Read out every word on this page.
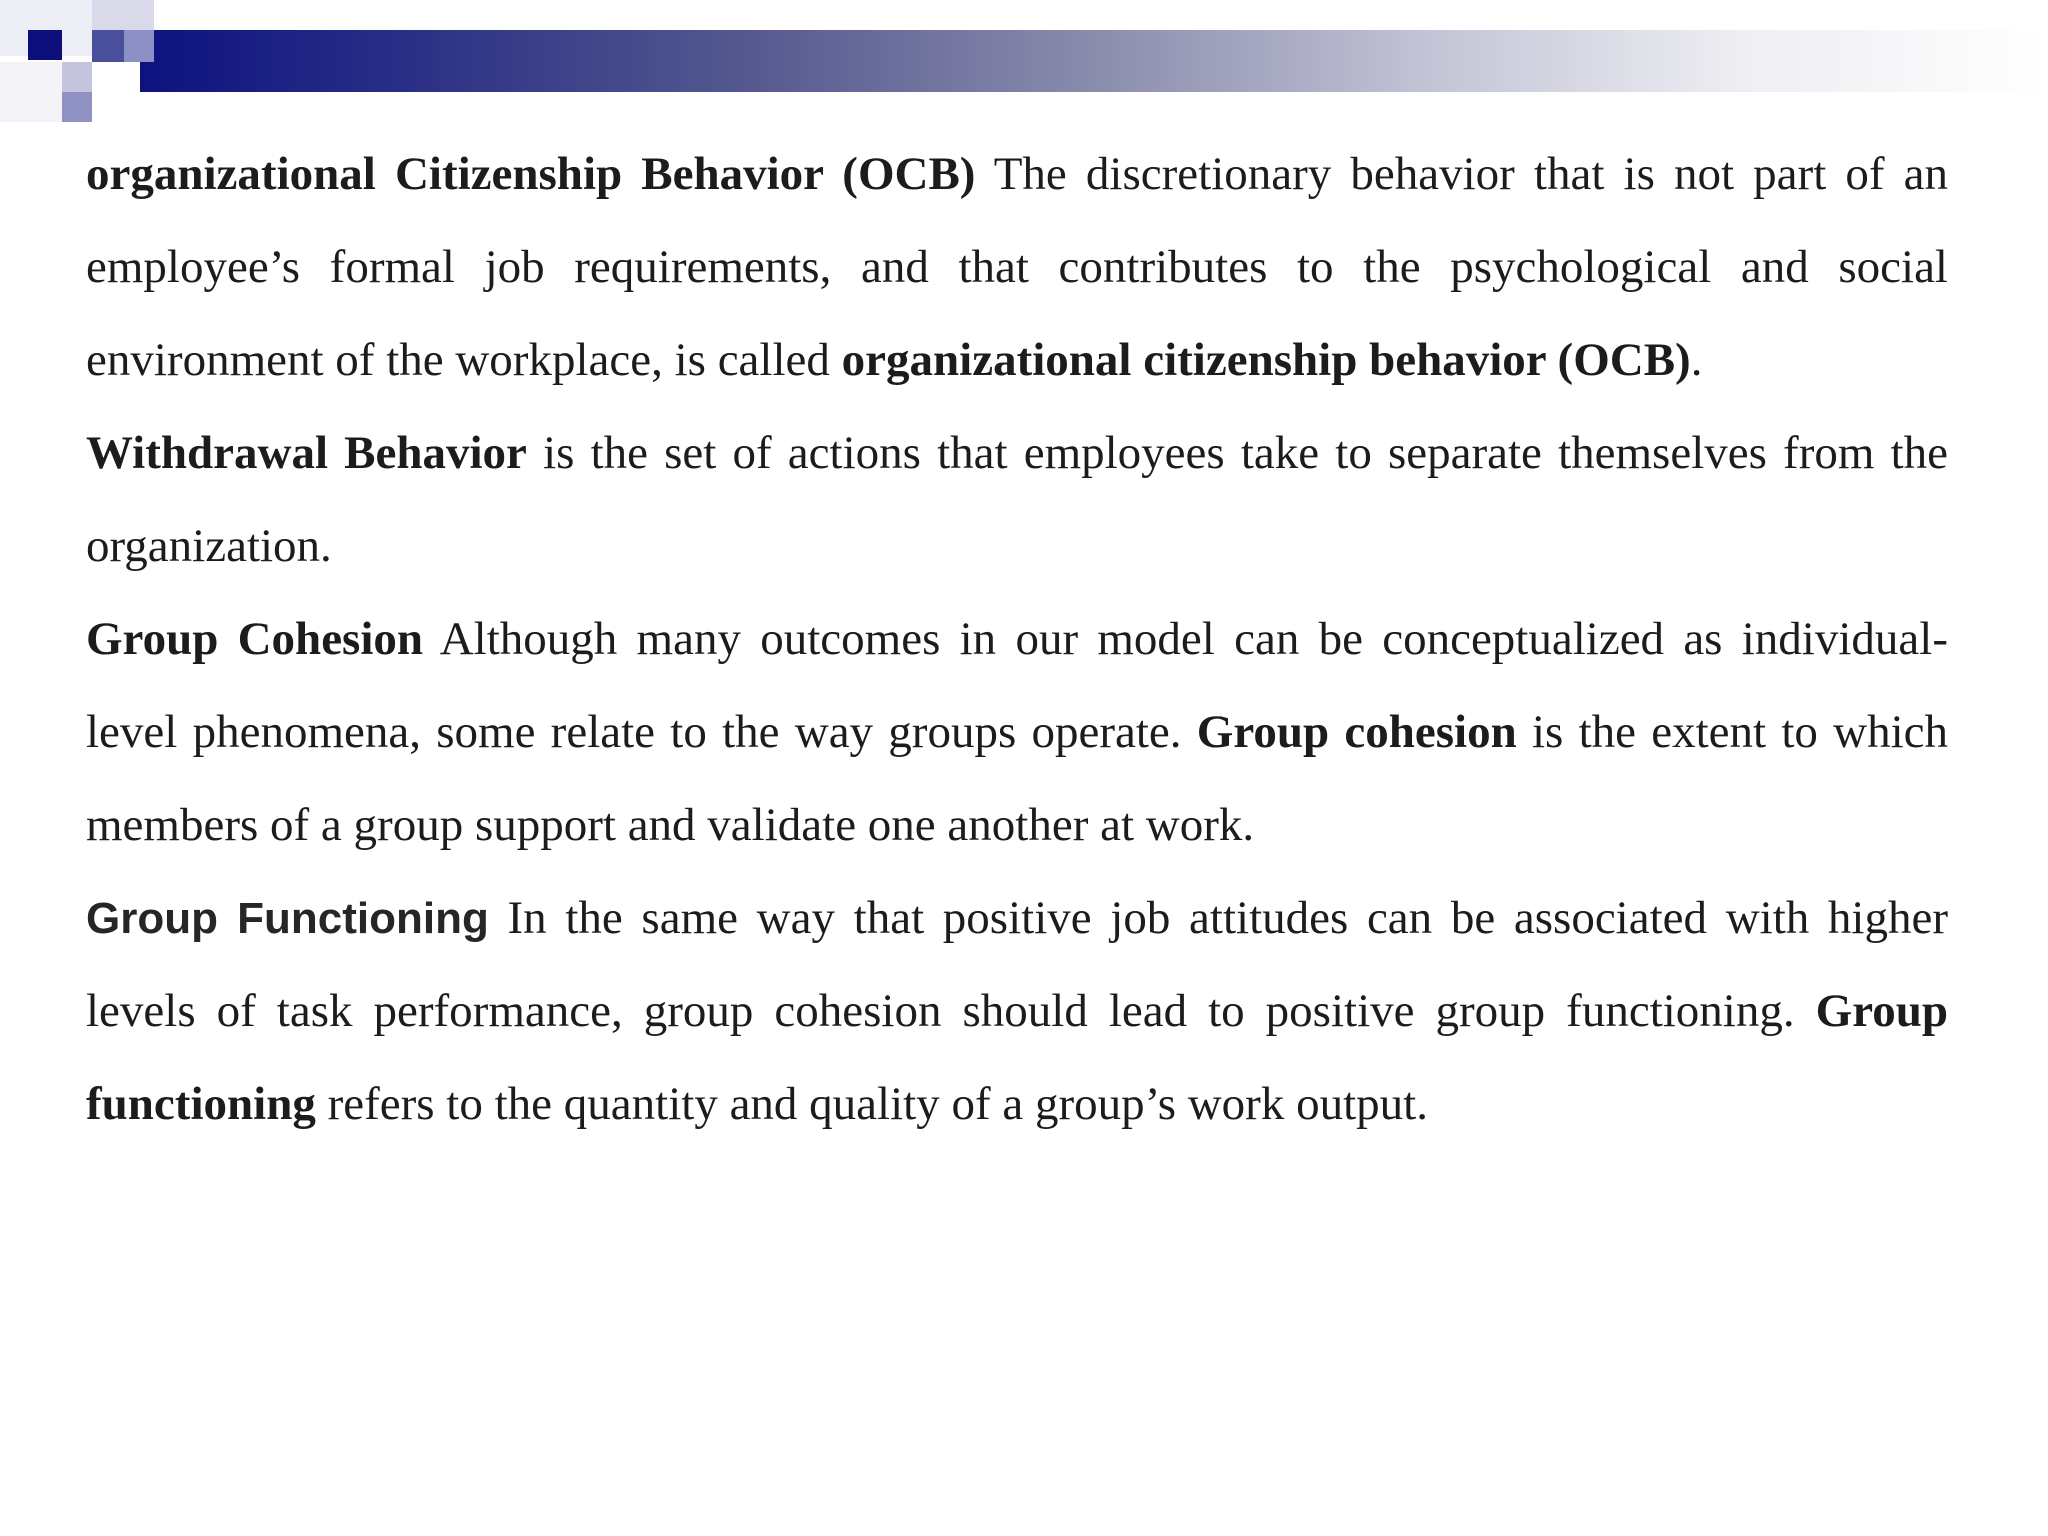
organizational Citizenship Behavior (OCB) The discretionary behavior that is not part of an employee’s formal job requirements, and that contributes to the psychological and social environment of the workplace, is called organizational citizenship behavior (OCB).

Withdrawal Behavior is the set of actions that employees take to separate themselves from the organization.

Group Cohesion Although many outcomes in our model can be conceptualized as individual-level phenomena, some relate to the way groups operate. Group cohesion is the extent to which members of a group support and validate one another at work.

Group Functioning In the same way that positive job attitudes can be associated with higher levels of task performance, group cohesion should lead to positive group functioning. Group functioning refers to the quantity and quality of a group’s work output.
